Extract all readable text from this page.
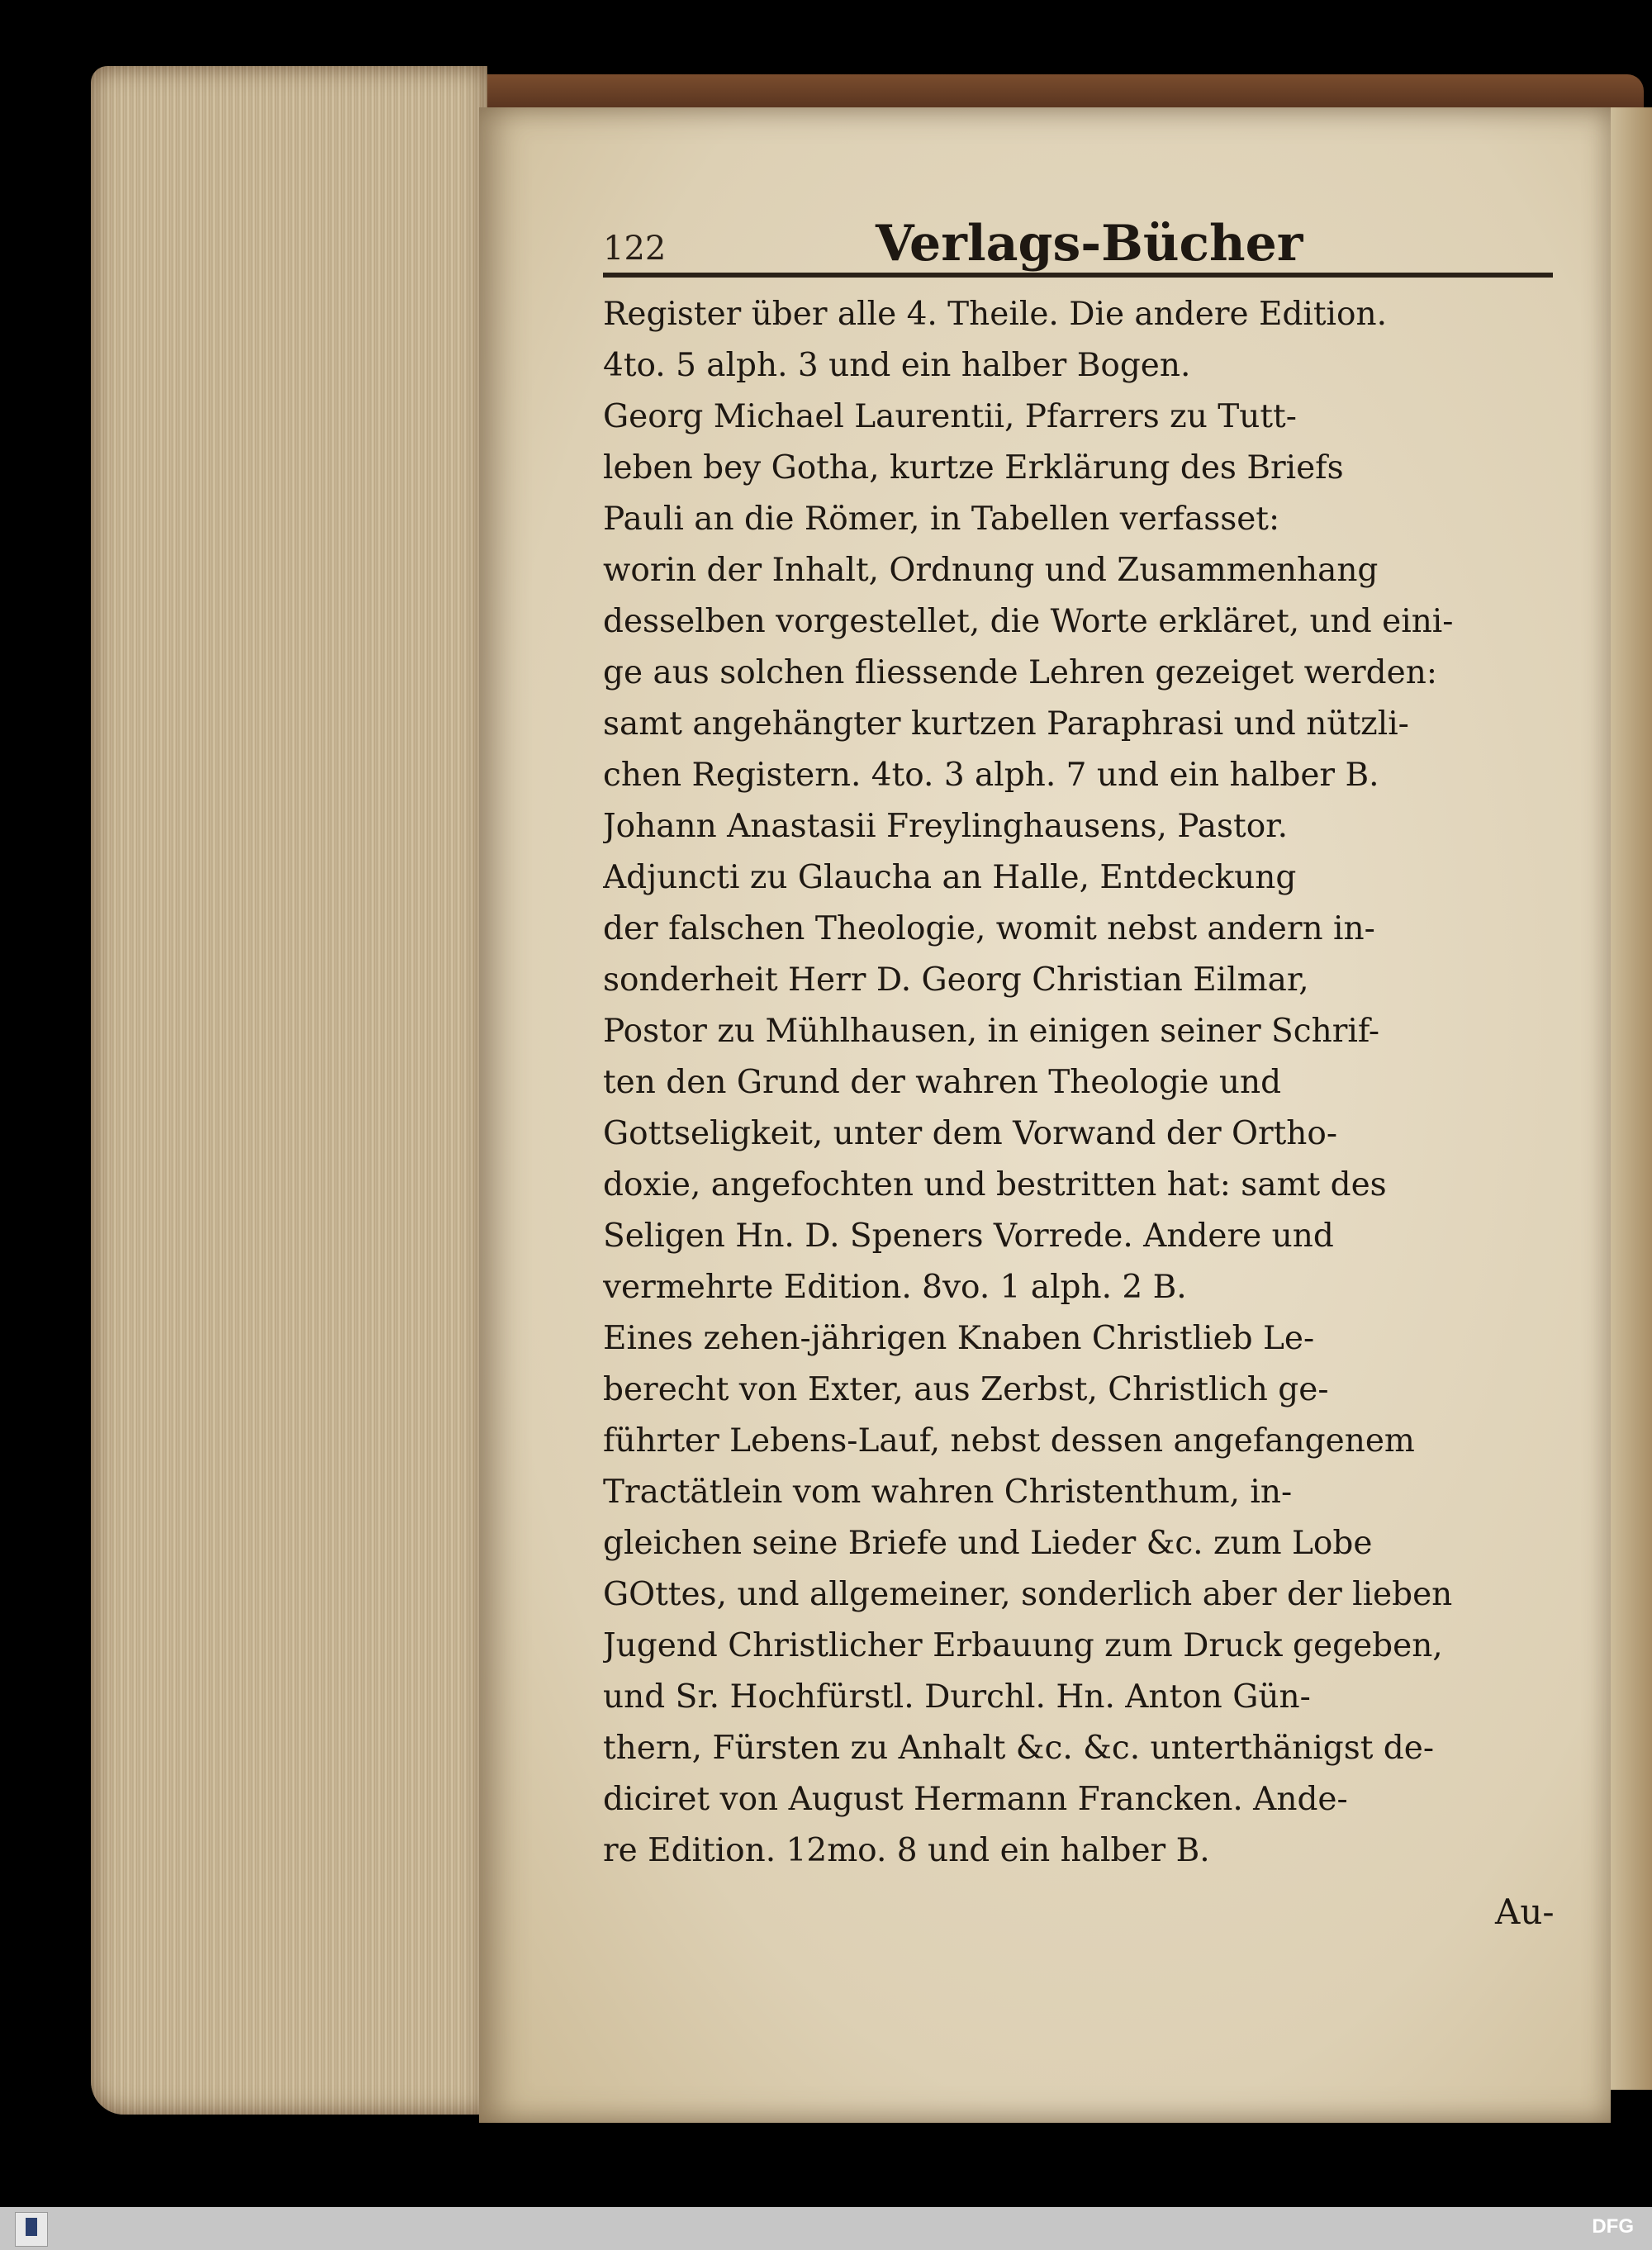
122	Verlags-Bücher
Register über alle 4. Theile. Die andere Edition.
4to. 5 alph. 3 und ein halber Bogen.
Georg Michael Laurentii, Pfarrers zu Tutt-
leben bey Gotha, kurtze Erklärung des Briefs
Pauli an die Römer, in Tabellen verfasset:
worin der Inhalt, Ordnung und Zusammenhang
desselben vorgestellet, die Worte erkläret, und eini-
ge aus solchen fliessende Lehren gezeiget werden:
samt angehängter kurtzen Paraphrasi und nützli-
chen Registern. 4to. 3 alph. 7 und ein halber B.
Johann Anastasii Freylinghausens, Pastor.
Adjuncti zu Glaucha an Halle, Entdeckung
der falschen Theologie, womit nebst andern in-
sonderheit Herr D. Georg Christian Eilmar,
Postor zu Mühlhausen, in einigen seiner Schrif-
ten den Grund der wahren Theologie und
Gottseligkeit, unter dem Vorwand der Ortho-
doxie, angefochten und bestritten hat: samt des
Seligen Hn. D. Speners Vorrede. Andere und
vermehrte Edition. 8vo. 1 alph. 2 B.
Eines zehen-jährigen Knaben Christlieb Le-
berecht von Exter, aus Zerbst, Christlich ge-
führter Lebens-Lauf, nebst dessen angefangenem
Tractätlein vom wahren Christenthum, in-
gleichen seine Briefe und Lieder &c. zum Lobe
GOttes, und allgemeiner, sonderlich aber der lieben
Jugend Christlicher Erbauung zum Druck gegeben,
und Sr. Hochfürstl. Durchl. Hn. Anton Gün-
thern, Fürsten zu Anhalt &c. &c. unterthänigst de-
diciret von August Hermann Francken. Ande-
re Edition. 12mo. 8 und ein halber B.
Au-
DFG
